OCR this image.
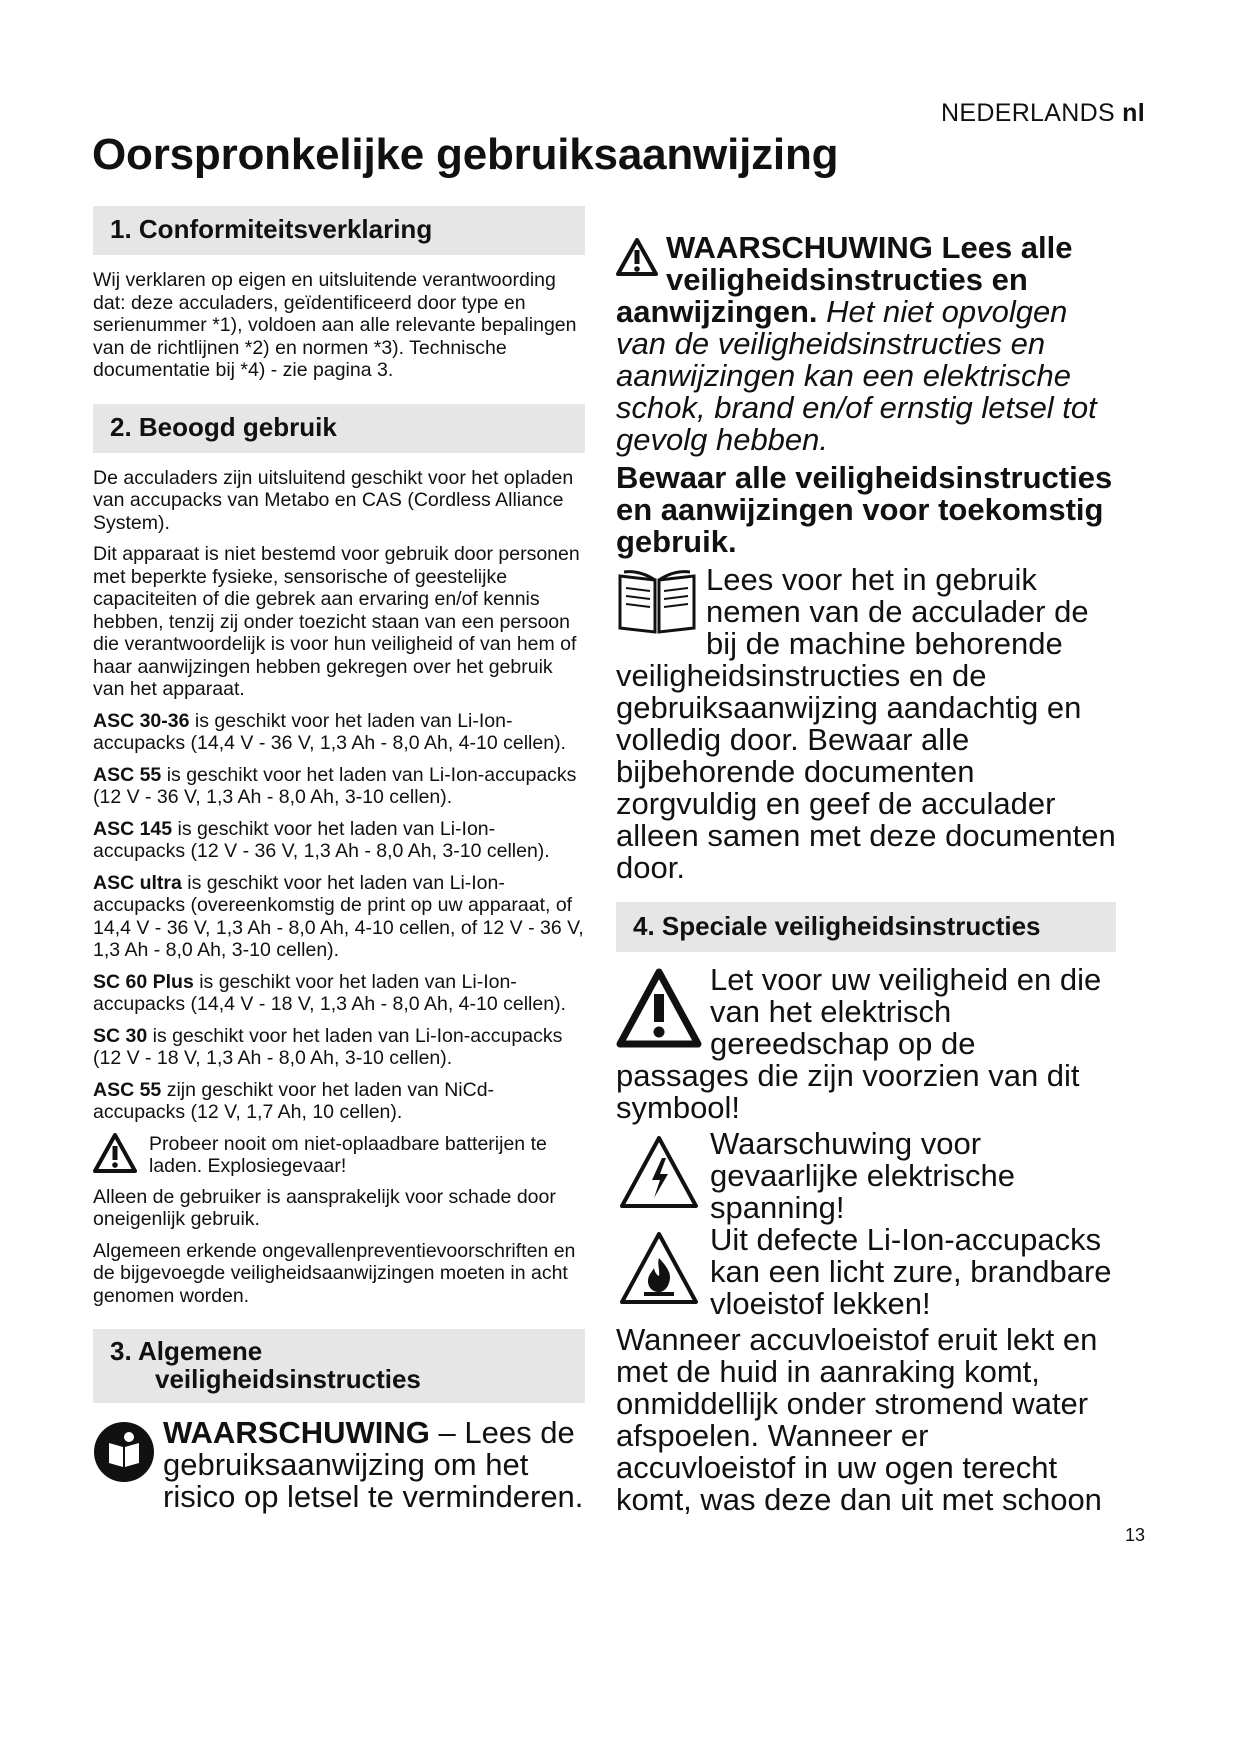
NEDERLANDS nl
Oorspronkelijke gebruiksaanwijzing
1. Conformiteitsverklaring

Wij verklaren op eigen en uitsluitende verantwoording dat: deze acculaders, geïdentificeerd door type en serienummer *1), voldoen aan alle relevante bepalingen van de richtlijnen *2) en normen *3). Technische documentatie bij *4) - zie pagina 3.

2. Beoogd gebruik

De acculaders zijn uitsluitend geschikt voor het opladen van accupacks van Metabo en CAS (Cordless Alliance System).

Dit apparaat is niet bestemd voor gebruik door personen met beperkte fysieke, sensorische of geestelijke capaciteiten of die gebrek aan ervaring en/of kennis hebben, tenzij zij onder toezicht staan van een persoon die verantwoordelijk is voor hun veiligheid of van hem of haar aanwijzingen hebben gekregen over het gebruik van het apparaat.

ASC 30-36 is geschikt voor het laden van Li-Ion-accupacks (14,4 V - 36 V, 1,3 Ah - 8,0 Ah, 4-10 cellen).

ASC 55 is geschikt voor het laden van Li-Ion-accupacks (12 V - 36 V, 1,3 Ah - 8,0 Ah, 3-10 cellen).

ASC 145 is geschikt voor het laden van Li-Ion-accupacks (12 V - 36 V, 1,3 Ah - 8,0 Ah, 3-10 cellen).

ASC ultra is geschikt voor het laden van Li-Ion-accupacks (overeenkomstig de print op uw apparaat, of 14,4 V - 36 V, 1,3 Ah - 8,0 Ah, 4-10 cellen, of 12 V - 36 V, 1,3 Ah - 8,0 Ah, 3-10 cellen).

SC 60 Plus is geschikt voor het laden van Li-Ion-accupacks (14,4 V - 18 V, 1,3 Ah - 8,0 Ah, 4-10 cellen).

SC 30 is geschikt voor het laden van Li-Ion-accupacks (12 V - 18 V, 1,3 Ah - 8,0 Ah, 3-10 cellen).

ASC 55 zijn geschikt voor het laden van NiCd-accupacks (12 V, 1,7 Ah, 10 cellen).

Probeer nooit om niet-oplaadbare batterijen te laden. Explosiegevaar!

Alleen de gebruiker is aansprakelijk voor schade door oneigenlijk gebruik.

Algemeen erkende ongevallenpreventievoorschriften en de bijgevoegde veiligheidsaanwijzingen moeten in acht genomen worden.

3. Algemene
veiligheidsinstructies

WAARSCHUWING – Lees de gebruiksaanwijzing om het risico op letsel te verminderen.

WAARSCHUWING Lees alle veiligheidsinstructies en aanwijzingen. Het niet opvolgen van de veiligheidsinstructies en aanwijzingen kan een elektrische schok, brand en/of ernstig letsel tot gevolg hebben.

Bewaar alle veiligheidsinstructies en aanwijzingen voor toekomstig gebruik.

Lees voor het in gebruik nemen van de acculader de bij de machine behorende veiligheidsinstructies en de gebruiksaanwijzing aandachtig en volledig door. Bewaar alle bijbehorende documenten zorgvuldig en geef de acculader alleen samen met deze documenten door.

4. Speciale veiligheidsinstructies

Let voor uw veiligheid en die van het elektrisch gereedschap op de passages die zijn voorzien van dit symbool!

Waarschuwing voor gevaarlijke elektrische spanning!

Uit defecte Li-Ion-accupacks kan een licht zure, brandbare vloeistof lekken!

Wanneer accuvloeistof eruit lekt en met de huid in aanraking komt, onmiddellijk onder stromend water afspoelen. Wanneer er accuvloeistof in uw ogen terecht komt, was deze dan uit met schoon

13
